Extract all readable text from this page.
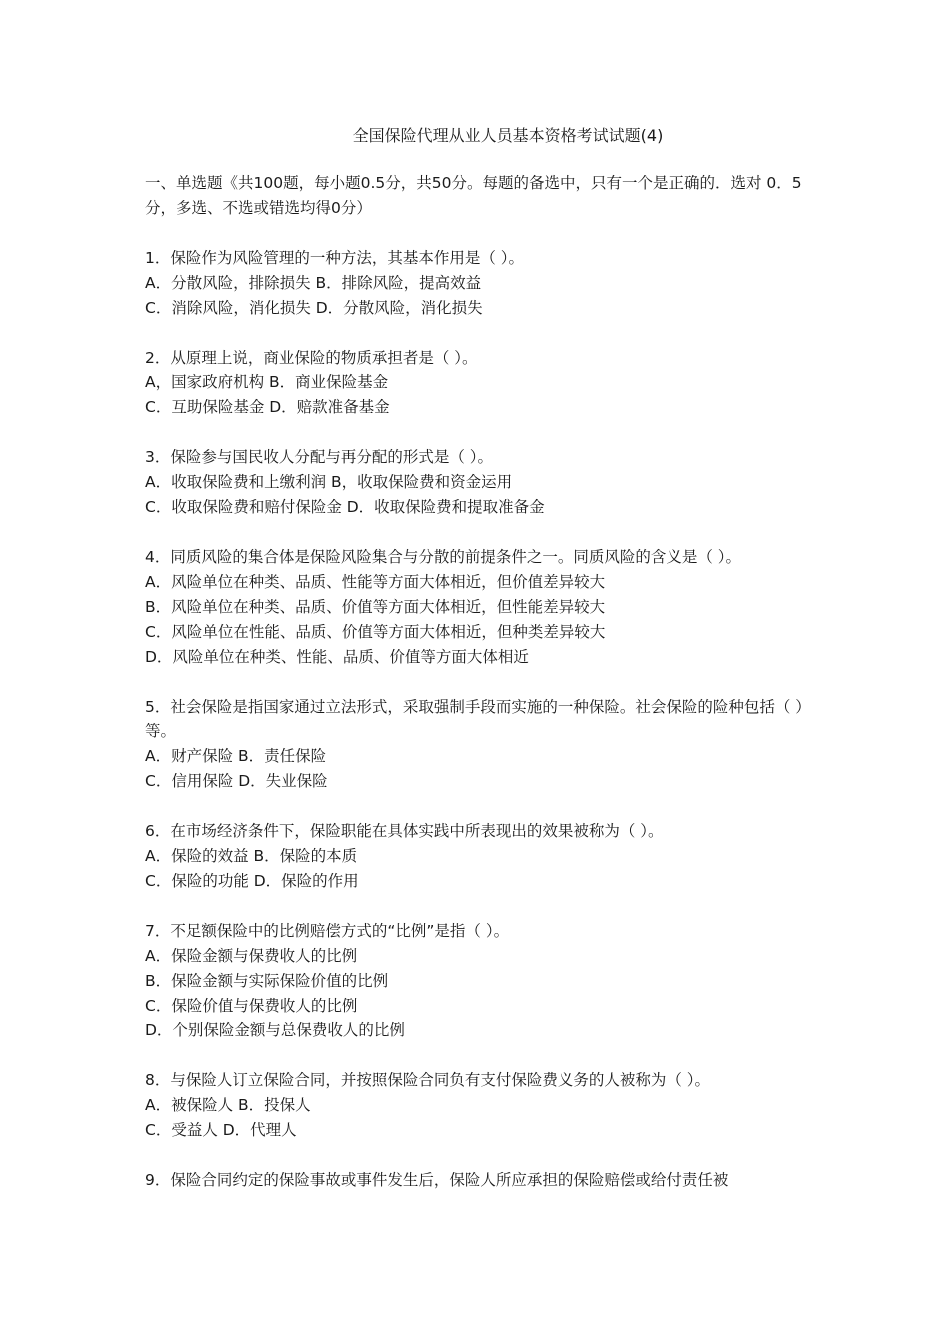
全国保险代理从业人员基本资格考试试题(4)

一、单选题《共100题，每小题0.5分，共50分。每题的备选中，只有一个是正确的．选对 0．5分，多选、不选或错选均得0分）

1．保险作为风险管理的一种方法，其基本作用是（ ）。

A．分散风险，排除损失 B．排除风险，提高效益

C．消除风险，消化损失 D．分散风险，消化损失

2．从原理上说，商业保险的物质承担者是（ ）。

A，国家政府机构 B．商业保险基金

C．互助保险基金 D．赔款准备基金

3．保险参与国民收人分配与再分配的形式是（ ）。

A．收取保险费和上缴利润 B，收取保险费和资金运用

C．收取保险费和赔付保险金 D．收取保险费和提取准备金

4．同质风险的集合体是保险风险集合与分散的前提条件之一。同质风险的含义是（ ）。

A．风险单位在种类、品质、性能等方面大体相近，但价值差异较大

B．风险单位在种类、品质、价值等方面大体相近，但性能差异较大

C．风险单位在性能、品质、价值等方面大体相近，但种类差异较大

D．风险单位在种类、性能、品质、价值等方面大体相近

5．社会保险是指国家通过立法形式，采取强制手段而实施的一种保险。社会保险的险种包括（ ）等。

A．财产保险 B．责任保险

C．信用保险 D．失业保险

6．在市场经济条件下，保险职能在具体实践中所表现出的效果被称为（ ）。

A．保险的效益 B．保险的本质

C．保险的功能 D．保险的作用

7．不足额保险中的比例赔偿方式的“比例”是指（ ）。

A．保险金额与保费收人的比例

B．保险金额与实际保险价值的比例

C．保险价值与保费收人的比例

D．个别保险金额与总保费收人的比例

8．与保险人订立保险合同，并按照保险合同负有支付保险费义务的人被称为（ ）。

A．被保险人 B．投保人

C．受益人 D．代理人

9．保险合同约定的保险事故或事件发生后，保险人所应承担的保险赔偿或给付责任被
